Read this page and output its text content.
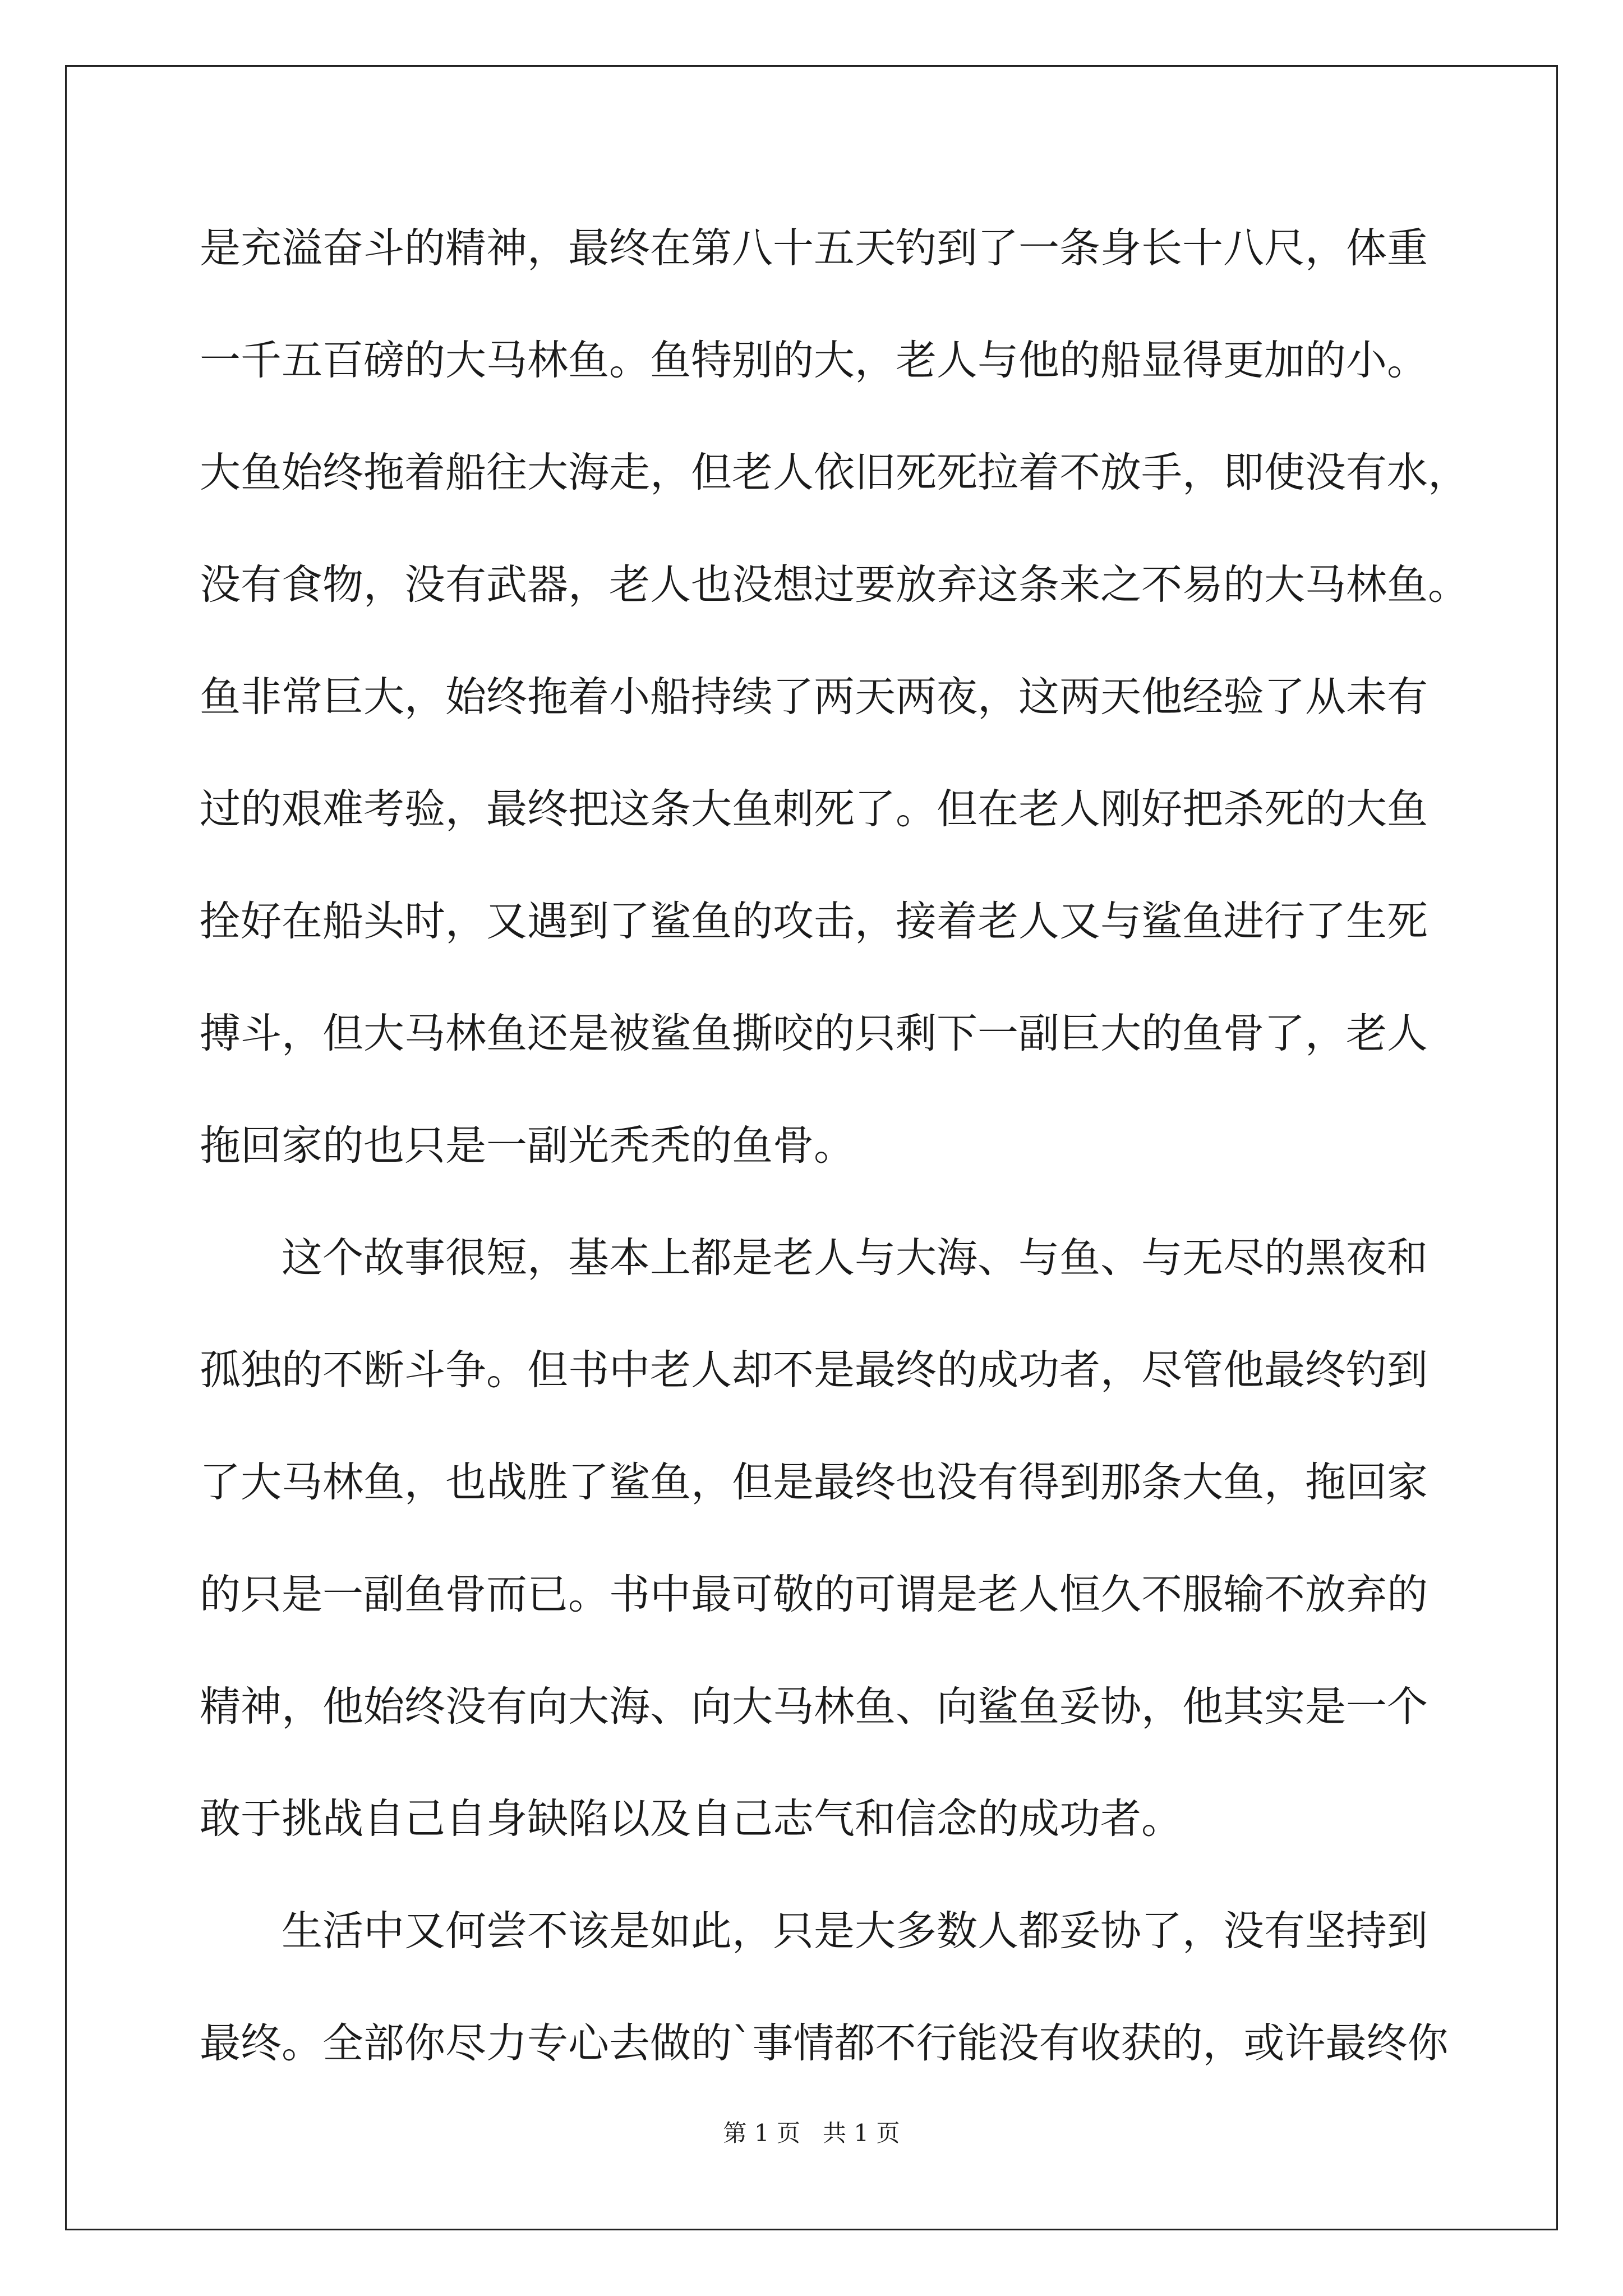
是充溢奋斗的精神，最终在第八十五天钓到了一条身长十八尺，体重
一千五百磅的大马林鱼。鱼特别的大，老人与他的船显得更加的小。
大鱼始终拖着船往大海走，但老人依旧死死拉着不放手，即使没有水，
没有食物，没有武器，老人也没想过要放弃这条来之不易的大马林鱼。
鱼非常巨大，始终拖着小船持续了两天两夜，这两天他经验了从未有
过的艰难考验，最终把这条大鱼刺死了。但在老人刚好把杀死的大鱼
拴好在船头时，又遇到了鲨鱼的攻击，接着老人又与鲨鱼进行了生死
搏斗，但大马林鱼还是被鲨鱼撕咬的只剩下一副巨大的鱼骨了，老人
拖回家的也只是一副光秃秃的鱼骨。
这个故事很短，基本上都是老人与大海、与鱼、与无尽的黑夜和
孤独的不断斗争。但书中老人却不是最终的成功者，尽管他最终钓到
了大马林鱼，也战胜了鲨鱼，但是最终也没有得到那条大鱼，拖回家
的只是一副鱼骨而已。书中最可敬的可谓是老人恒久不服输不放弃的
精神，他始终没有向大海、向大马林鱼、向鲨鱼妥协，他其实是一个
敢于挑战自己自身缺陷以及自己志气和信念的成功者。
生活中又何尝不该是如此，只是大多数人都妥协了，没有坚持到
最终。全部你尽力专心去做的`事情都不行能没有收获的，或许最终你
第 1 页 共 1 页
